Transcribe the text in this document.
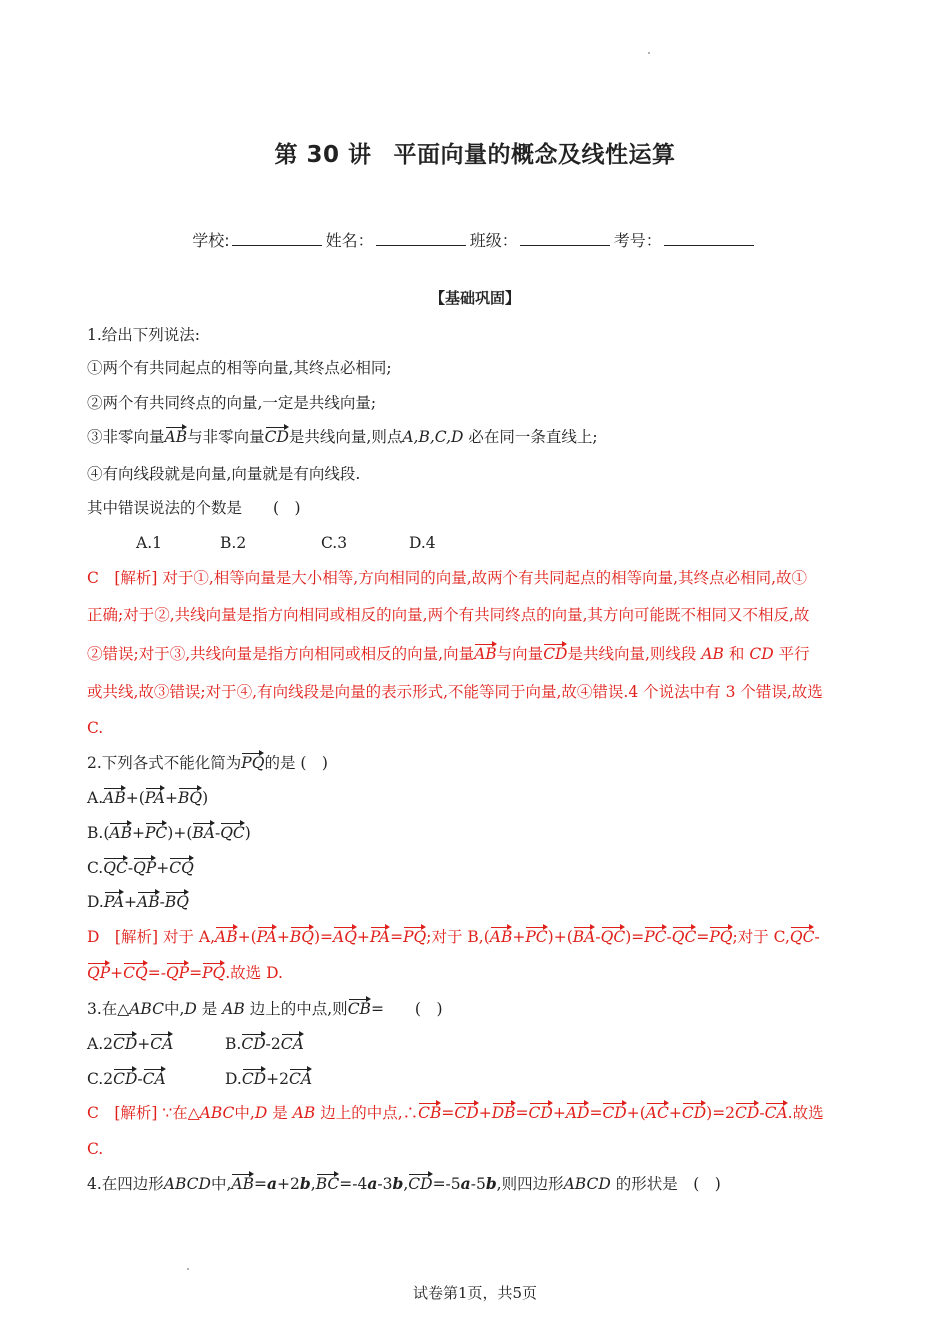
第 30 讲 平面向量的概念及线性运算
学校:	姓名：	班级：	考号：
【基础巩固】
1.给出下列说法:
①两个有共同起点的相等向量,其终点必相同;
②两个有共同终点的向量,一定是共线向量;
③非零向量AB与非零向量CD是共线向量,则点A,B,C,D 必在同一条直线上;
④有向线段就是向量,向量就是有向线段.
其中错误说法的个数是　　(　)
A.1	B.2	C.3	D.4
C　[解析] 对于①,相等向量是大小相等,方向相同的向量,故两个有共同起点的相等向量,其终点必相同,故①
正确;对于②,共线向量是指方向相同或相反的向量,两个有共同终点的向量,其方向可能既不相同又不相反,故
②错误;对于③,共线向量是指方向相同或相反的向量,向量AB与向量CD是共线向量,则线段 AB 和 CD 平行
或共线,故③错误;对于④,有向线段是向量的表示形式,不能等同于向量,故④错误.4 个说法中有 3 个错误,故选
C.
2.下列各式不能化简为PQ的是 (　)
A.AB+(PA+BQ)
B.(AB+PC)+(BA-QC)
C.QC-QP+CQ
D.PA+AB-BQ
D　[解析] 对于 A,AB+(PA+BQ)=AQ+PA=PQ;对于 B,(AB+PC)+(BA-QC)=PC-QC=PQ;对于 C,QC-
QP+CQ=-QP=PQ.故选 D.
3.在△ABC中,D 是 AB 边上的中点,则CB=　　(　)
A.2CD+CA	B.CD-2CA
C.2CD-CA	D.CD+2CA
C　[解析] ∵在△ABC中,D 是 AB 边上的中点,∴CB=CD+DB=CD+AD=CD+(AC+CD)=2CD-CA.故选
C.
4.在四边形ABCD中,AB=a+2b,BC=-4a-3b,CD=-5a-5b,则四边形ABCD 的形状是　(　)
试卷第1页，共5页
